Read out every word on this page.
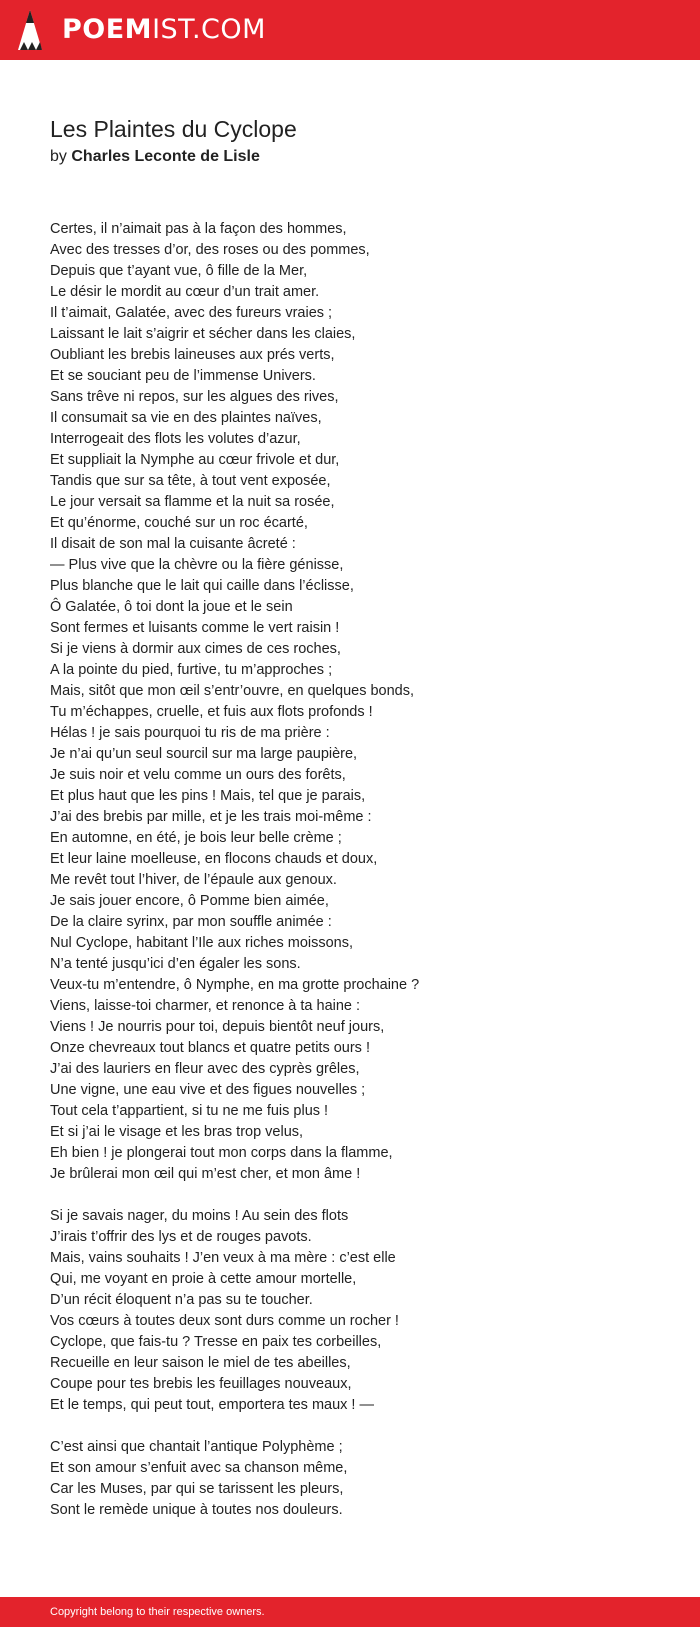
POEMIST.COM
Les Plaintes du Cyclope
by Charles Leconte de Lisle
Certes, il n’aimait pas à la façon des hommes,
Avec des tresses d’or, des roses ou des pommes,
Depuis que t’ayant vue, ô fille de la Mer,
Le désir le mordit au cœur d’un trait amer.
Il t’aimait, Galatée, avec des fureurs vraies ;
Laissant le lait s’aigrir et sécher dans les claies,
Oubliant les brebis laineuses aux prés verts,
Et se souciant peu de l’immense Univers.
Sans trêve ni repos, sur les algues des rives,
Il consumait sa vie en des plaintes naïves,
Interrogeait des flots les volutes d’azur,
Et suppliait la Nymphe au cœur frivole et dur,
Tandis que sur sa tête, à tout vent exposée,
Le jour versait sa flamme et la nuit sa rosée,
Et qu’énorme, couché sur un roc écarté,
Il disait de son mal la cuisante âcreté :
— Plus vive que la chèvre ou la fière génisse,
Plus blanche que le lait qui caille dans l’éclisse,
Ô Galatée, ô toi dont la joue et le sein
Sont fermes et luisants comme le vert raisin !
Si je viens à dormir aux cimes de ces roches,
A la pointe du pied, furtive, tu m’approches ;
Mais, sitôt que mon œil s’entr’ouvre, en quelques bonds,
Tu m’échappes, cruelle, et fuis aux flots profonds !
Hélas ! je sais pourquoi tu ris de ma prière :
Je n’ai qu’un seul sourcil sur ma large paupière,
Je suis noir et velu comme un ours des forêts,
Et plus haut que les pins ! Mais, tel que je parais,
J’ai des brebis par mille, et je les trais moi-même :
En automne, en été, je bois leur belle crème ;
Et leur laine moelleuse, en flocons chauds et doux,
Me revêt tout l’hiver, de l’épaule aux genoux.
Je sais jouer encore, ô Pomme bien aimée,
De la claire syrinx, par mon souffle animée :
Nul Cyclope, habitant l’Ile aux riches moissons,
N’a tenté jusqu’ici d’en égaler les sons.
Veux-tu m’entendre, ô Nymphe, en ma grotte prochaine ?
Viens, laisse-toi charmer, et renonce à ta haine :
Viens ! Je nourris pour toi, depuis bientôt neuf jours,
Onze chevreaux tout blancs et quatre petits ours !
J’ai des lauriers en fleur avec des cyprès grêles,
Une vigne, une eau vive et des figues nouvelles ;
Tout cela t’appartient, si tu ne me fuis plus !
Et si j’ai le visage et les bras trop velus,
Eh bien ! je plongerai tout mon corps dans la flamme,
Je brûlerai mon œil qui m’est cher, et mon âme !
Si je savais nager, du moins ! Au sein des flots
J’irais t’offrir des lys et de rouges pavots.
Mais, vains souhaits ! J’en veux à ma mère : c’est elle
Qui, me voyant en proie à cette amour mortelle,
D’un récit éloquent n’a pas su te toucher.
Vos cœurs à toutes deux sont durs comme un rocher !
Cyclope, que fais-tu ? Tresse en paix tes corbeilles,
Recueille en leur saison le miel de tes abeilles,
Coupe pour tes brebis les feuillages nouveaux,
Et le temps, qui peut tout, emportera tes maux ! —
C’est ainsi que chantait l’antique Polyphème ;
Et son amour s’enfuit avec sa chanson même,
Car les Muses, par qui se tarissent les pleurs,
Sont le remède unique à toutes nos douleurs.
Copyright belong to their respective owners.
